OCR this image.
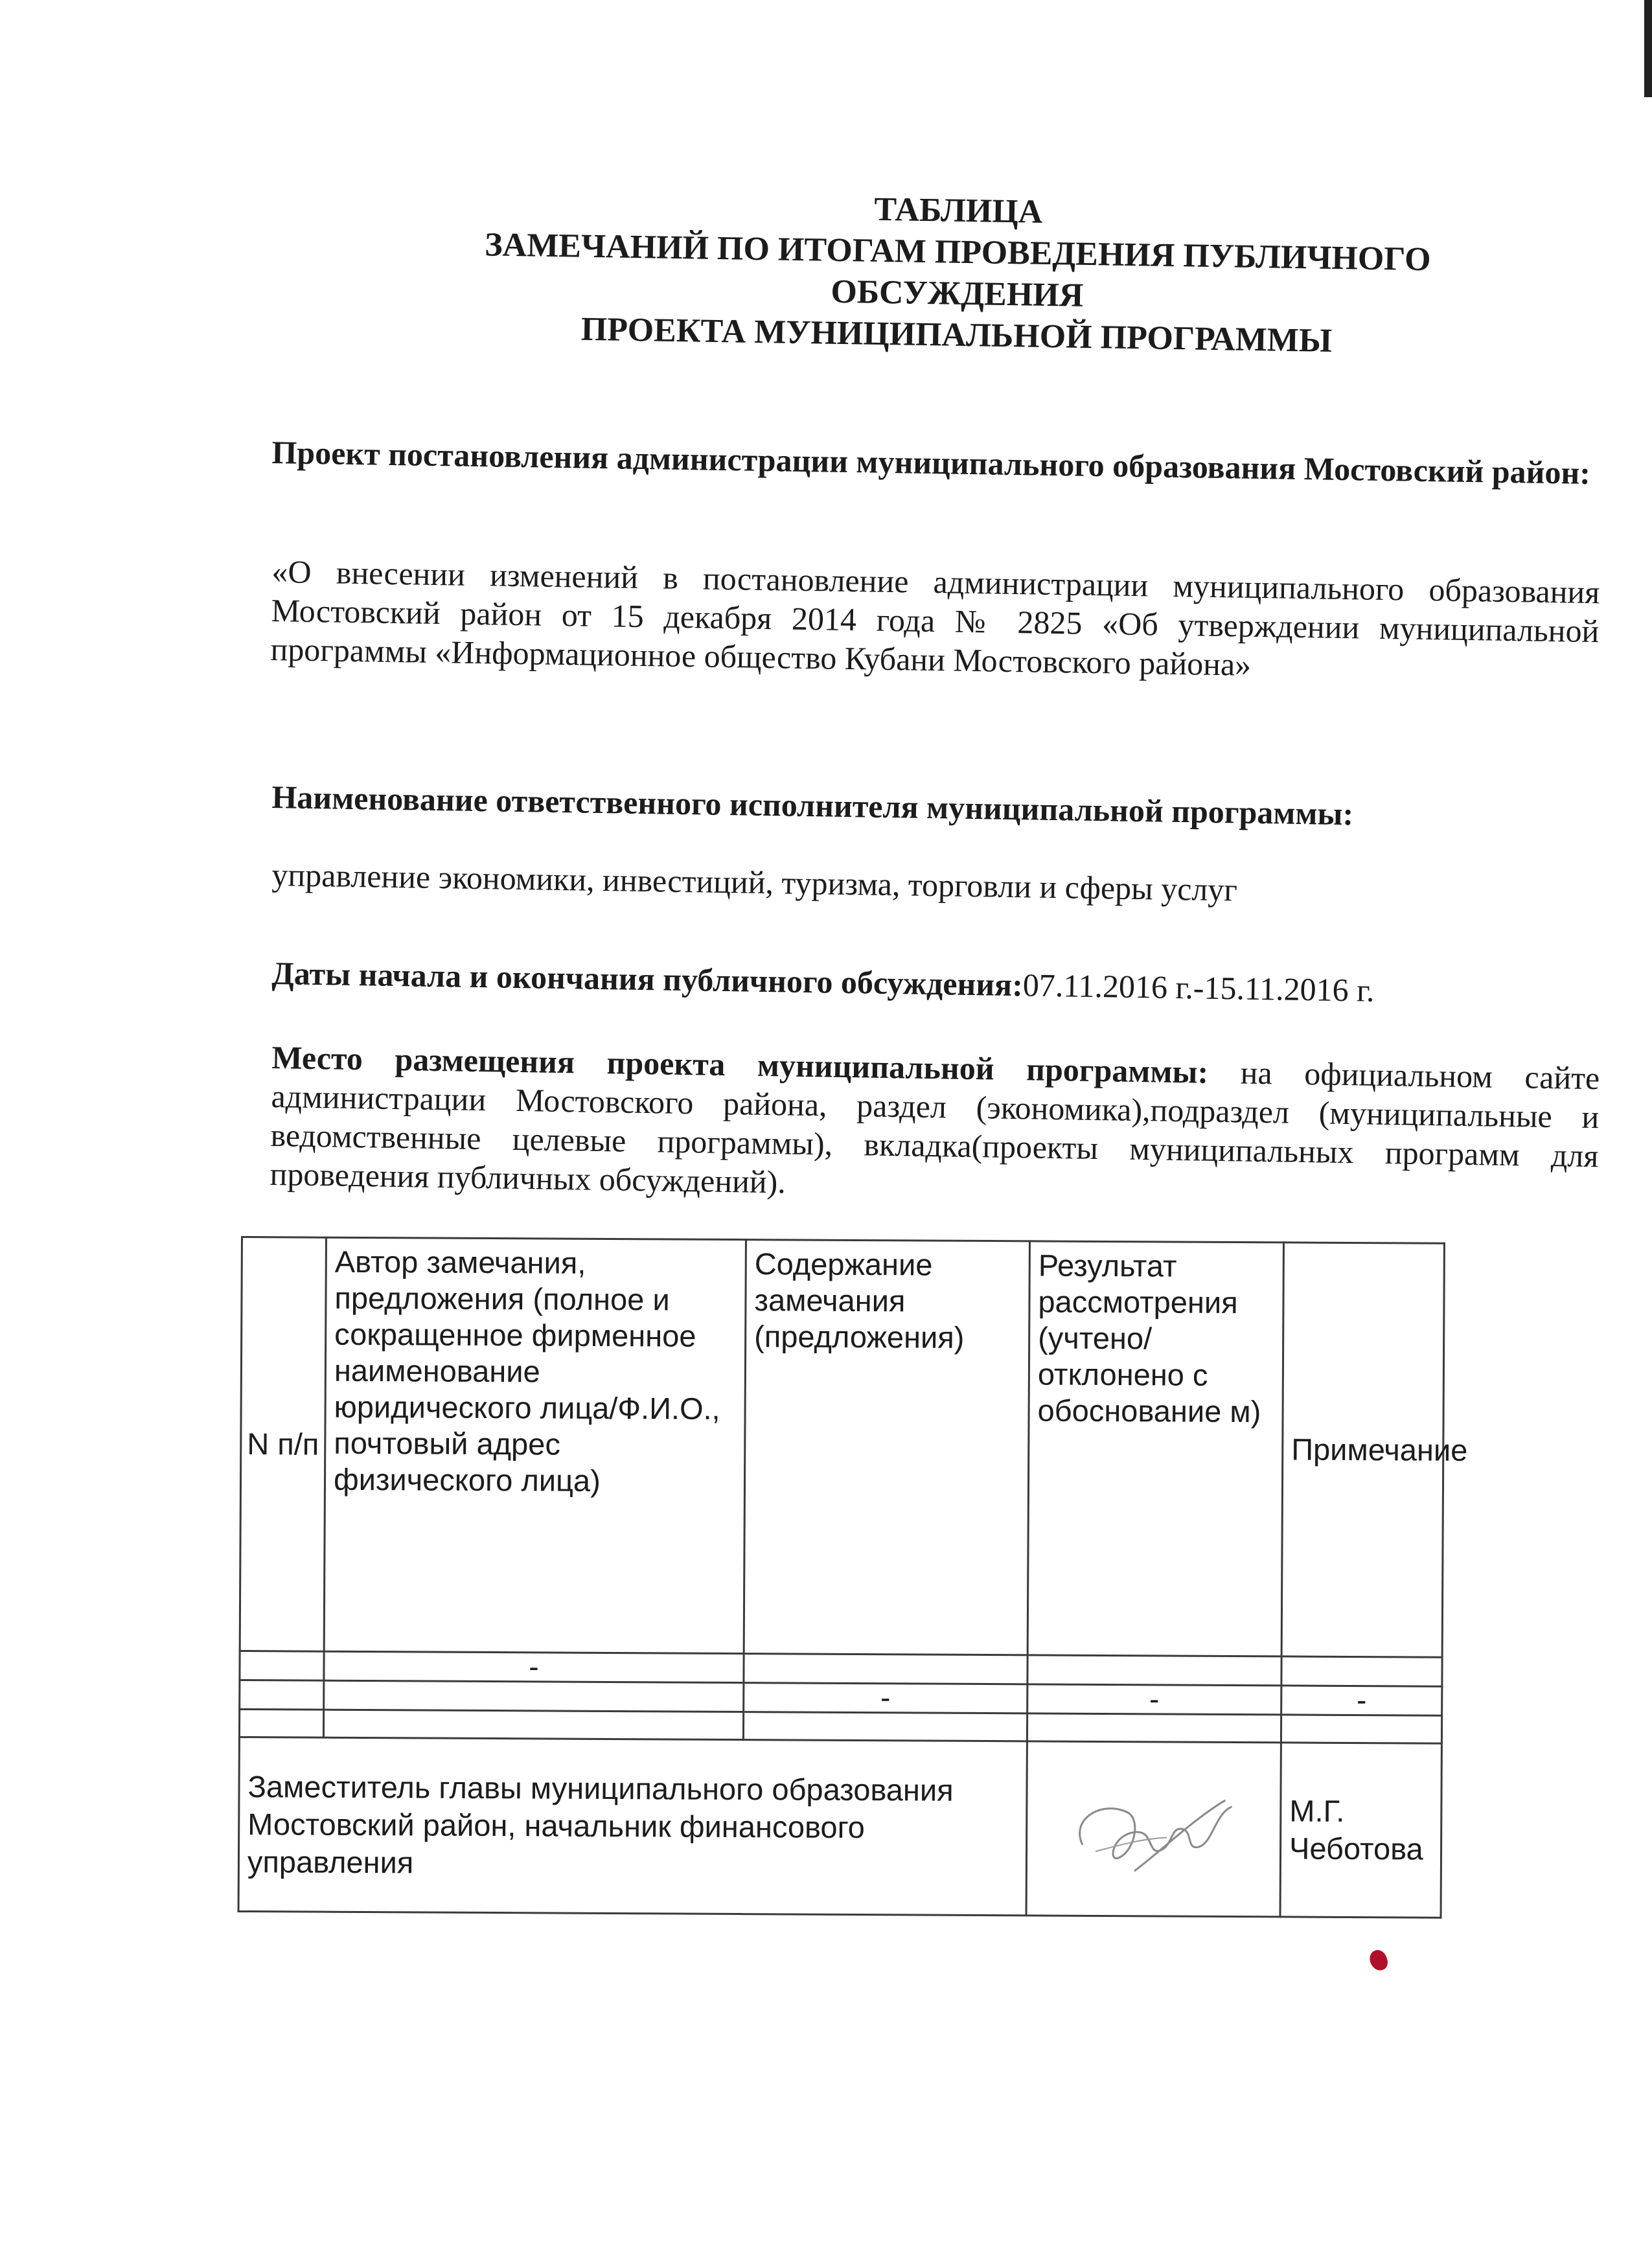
ТАБЛИЦА
ЗАМЕЧАНИЙ ПО ИТОГАМ ПРОВЕДЕНИЯ ПУБЛИЧНОГО
ОБСУЖДЕНИЯ
ПРОЕКТА МУНИЦИПАЛЬНОЙ ПРОГРАММЫ
Проект постановления администрации муниципального образования Мостовский район:
«О внесении изменений в постановление администрации муниципального образования Мостовский район от 15 декабря 2014 года № 2825 «Об утверждении муниципальной программы «Информационное общество Кубани Мостовского района»
Наименование ответственного исполнителя муниципальной программы:
управление экономики, инвестиций, туризма, торговли и сферы услуг
Даты начала и окончания публичного обсуждения:07.11.2016 г.-15.11.2016 г.
Место размещения проекта муниципальной программы: на официальном сайте администрации Мостовского района, раздел (экономика),подраздел (муниципальные и ведомственные целевые программы), вкладка(проекты муниципальных программ для проведения публичных обсуждений).
N п/п	Автор замечания, предложения (полное и сокращенное фирменное наименование юридического лица/Ф.И.О., почтовый адрес физического лица)	Содержание замечания (предложения)	Результат рассмотрения (учтено/ отклонено с обоснование м)	Примечание
	-			
		-	-	-

Заместитель главы муниципального образования Мостовский район, начальник финансового управления				М.Г. Чеботова
